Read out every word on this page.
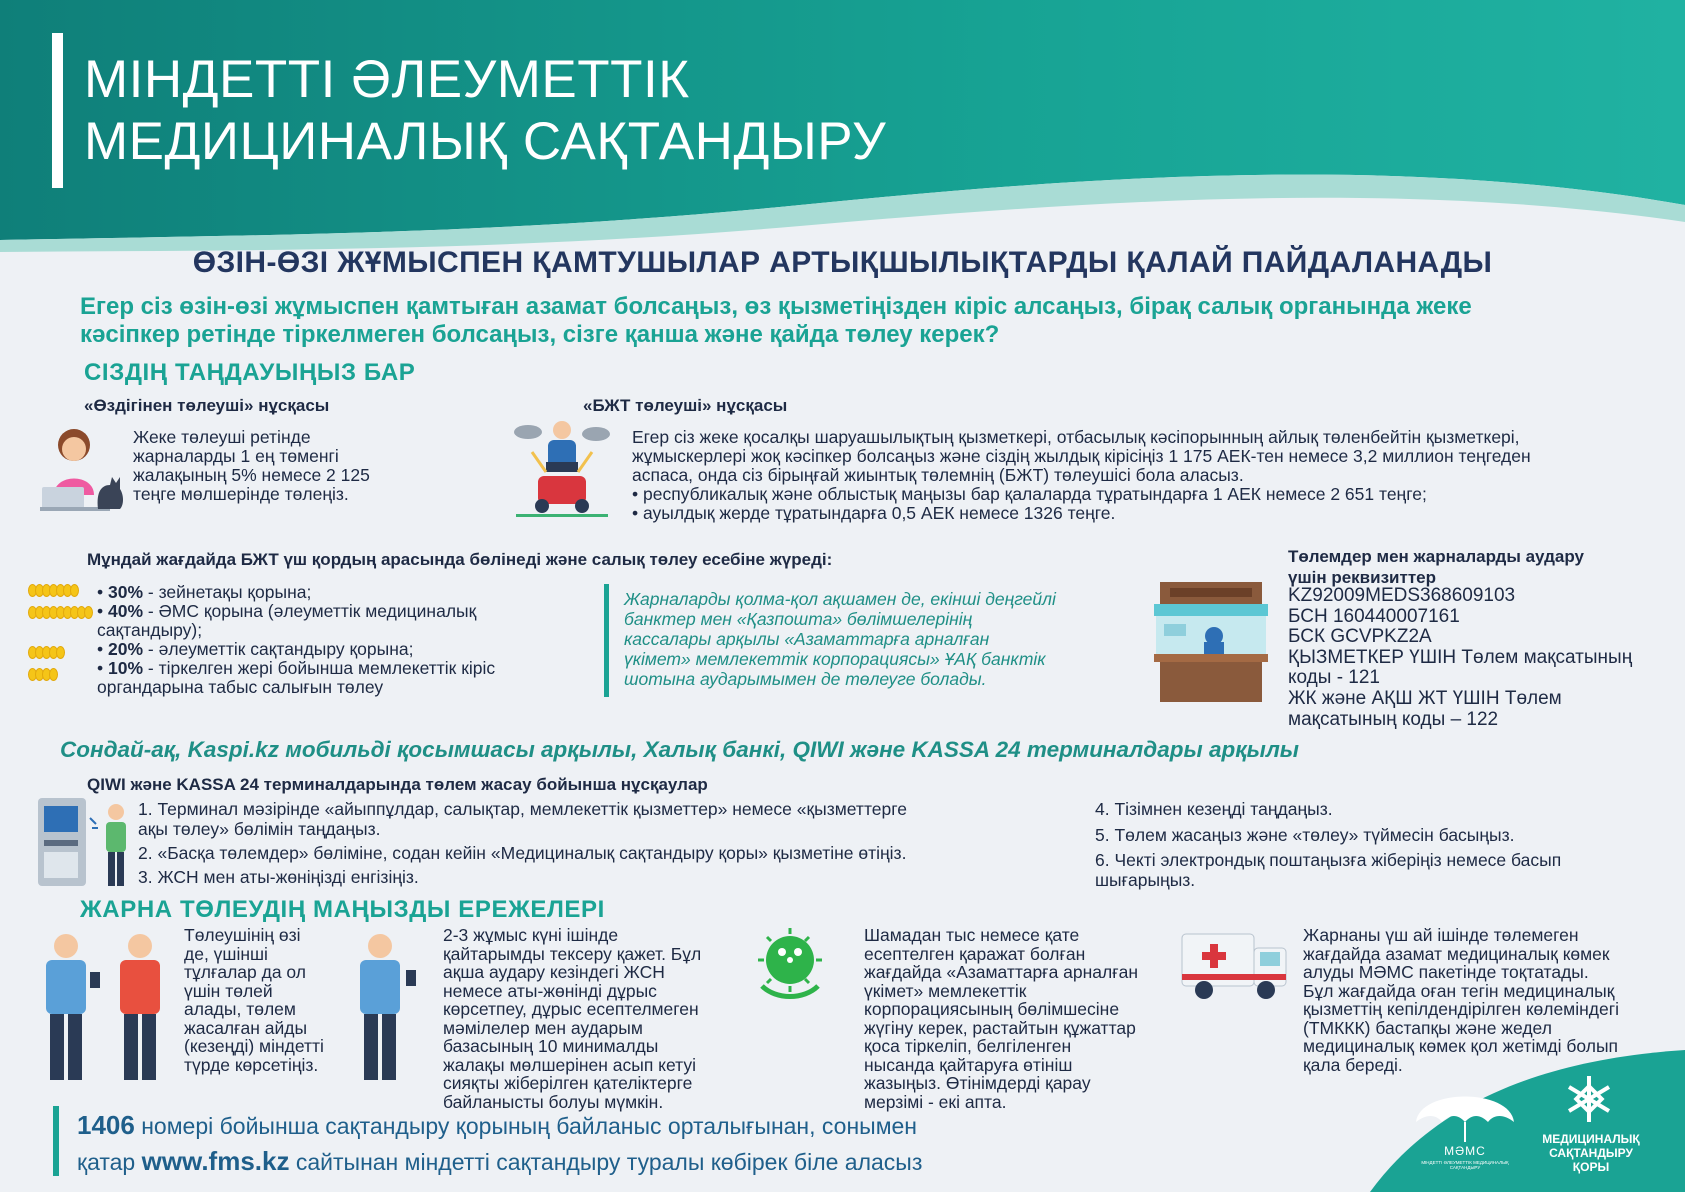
МІНДЕТТІ ӘЛЕУМЕТТІК
МЕДИЦИНАЛЫҚ САҚТАНДЫРУ
ӨЗІН-ӨЗІ ЖҰМЫСПЕН ҚАМТУШЫЛАР АРТЫҚШЫЛЫҚТАРДЫ ҚАЛАЙ ПАЙДАЛАНАДЫ
Егер сіз өзін-өзі жұмыспен қамтыған азамат болсаңыз, өз қызметіңізден кіріс алсаңыз, бірақ салық органында жеке
кәсіпкер ретінде тіркелмеген болсаңыз, сізге қанша және қайда төлеу керек?
СІЗДІҢ ТАҢДАУЫҢЫЗ БАР
«Өздігінен төлеуші» нұсқасы

Жеке төлеуші ретінде

жарналарды 1 ең төменгі

жалақының 5% немесе 2 125

теңге мөлшерінде төлеңіз.

«БЖТ төлеуші» нұсқасы

Егер сіз жеке қосалқы шаруашылықтың қызметкері, отбасылық кәсіпорынның айлық төленбейтін қызметкері,

жұмыскерлері жоқ кәсіпкер болсаңыз және сіздің жылдық кірісіңіз 1 175 АЕК-тен немесе 3,2 миллион теңгеден

аспаса, онда сіз бірыңғай жиынтық төлемнің (БЖТ) төлеушісі бола аласыз.

• республикалық және облыстық маңызы бар қалаларда тұратындарға 1 АЕК немесе 2 651 теңге;

• ауылдық жерде тұратындарға 0,5 АЕК немесе 1326 теңге.

Мұндай жағдайда БЖТ үш қордың арасында бөлінеді және салық төлеу есебіне жүреді:

• 30% - зейнетақы қорына;

• 40% - ӘМС қорына (әлеуметтік медициналық

сақтандыру);

• 20% - әлеуметтік сақтандыру қорына;

• 10% - тіркелген жері бойынша мемлекеттік кіріс

органдарына табыс салығын төлеу

Жарналарды қолма-қол ақшамен де, екінші деңгейлі
банктер мен «Қазпошта» бөлімшелерінің
кассалары арқылы «Азаматтарға арналған
үкімет» мемлекеттік корпорациясы» ҰАҚ банктік
шотына аударымымен де төлеуге болады.
Төлемдер мен жарналарды аудару
үшін реквизиттер
KZ92009MEDS368609103
БСН 160440007161
БСК GCVPKZ2A
ҚЫЗМЕТКЕР ҮШІН Төлем мақсатының
коды - 121
ЖК және АҚШ ЖТ ҮШІН Төлем
мақсатының коды – 122
Сондай-ақ, Kaspi.kz мобильді қосымшасы арқылы, Халық банкі, QIWI және KASSA 24 терминалдары арқылы
QIWI және KASSA 24 терминалдарында төлем жасау бойынша нұсқаулар

1. Терминал мәзірінде «айыппұлдар, салықтар, мемлекеттік қызметтер» немесе «қызметтерге

ақы төлеу» бөлімін таңдаңыз.

2. «Басқа төлемдер» бөліміне, содан кейін «Медициналық сақтандыру қоры» қызметіне өтіңіз.

3. ЖСН мен аты-жөніңізді енгізіңіз.

4. Тізімнен кезеңді таңдаңыз.

5. Төлем жасаңыз және «төлеу» түймесін басыңыз.

6. Чекті электрондық поштаңызға жіберіңіз немесе басып

шығарыңыз.

ЖАРНА ТӨЛЕУДІҢ МАҢЫЗДЫ ЕРЕЖЕЛЕРІ

Төлеушінің өзі

де, үшінші

тұлғалар да ол

үшін төлей

алады, төлем

жасалған айды

(кезеңді) міндетті

түрде көрсетіңіз.

2-3 жұмыс күні ішінде

қайтарымды тексеру қажет. Бұл

ақша аудару кезіндегі ЖСН

немесе аты-жөнінді дұрыс

көрсетпеу, дұрыс есептелмеген

мәмілелер мен аударым

базасының 10 минималды

жалақы мөлшерінен асып кетуі

сияқты жіберілген қателіктерге

байланысты болуы мүмкін.

Шамадан тыс немесе қате

есептелген қаражат болған

жағдайда «Азаматтарға арналған

үкімет» мемлекеттік

корпорациясының бөлімшесіне

жүгіну керек, растайтын құжаттар

қоса тіркеліп, белгіленген

нысанда қайтаруға өтініш

жазыңыз. Өтінімдерді қарау

мерзімі - екі апта.

Жарнаны үш ай ішінде төлемеген

жағдайда азамат медициналық көмек

алуды МӘМС пакетінде тоқтатады.

Бұл жағдайда оған тегін медициналық

қызметтің кепілдендірілген көлеміндегі

(ТМККК) бастапқы және жедел

медициналық көмек қол жетімді болып

қала береді.

1406 номері бойынша сақтандыру қорының байланыс орталығынан, сонымен
қатар www.fms.kz сайтынан міндетті сақтандыру туралы көбірек біле аласыз	МӘМС
МІНДЕТТІ ӘЛЕУМЕТТІК МЕДИЦИНАЛЫҚ САҚТАНДЫРУ
МЕДИЦИНАЛЫҚ
САҚТАНДЫРУ
ҚОРЫ
